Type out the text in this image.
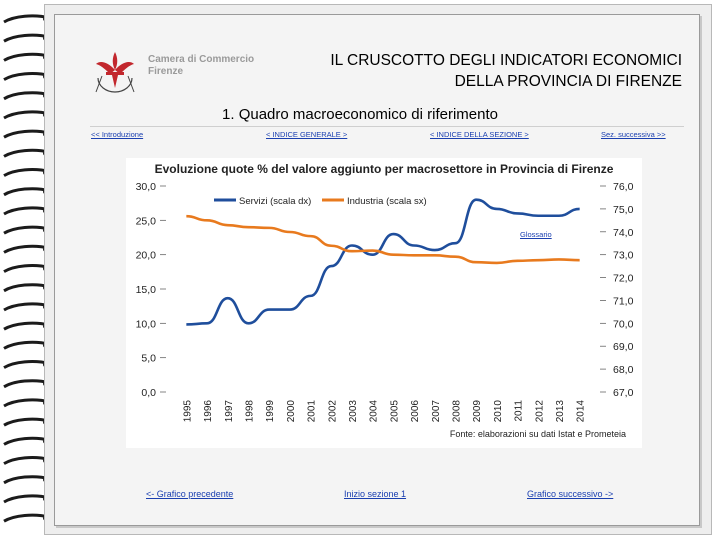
Camera di Commercio
Firenze
IL CRUSCOTTO DEGLI INDICATORI ECONOMICI
DELLA PROVINCIA DI FIRENZE
1. Quadro macroeconomico di riferimento
<< Introduzione	< INDICE GENERALE >	< INDICE DELLA SEZIONE >	Sez. successiva >>
Evoluzione quote % del valore aggiunto per macrosettore in Provincia di Firenze
0,0
5,0
10,0
15,0
20,0
25,0
30,0
67,0
68,0
69,0
70,0
71,0
72,0
73,0
74,0
75,0
76,0
1995 1996 1997 1998 1999 2000 2001 2002 2003 2004 2005 2006 2007 2008 2009 2010 2011 2012 2013 2014
Servizi (scala dx)	Industria (scala sx)
Fonte: elaborazioni su dati Istat e Prometeia
Glossario
<- Grafico precedente	Inizio sezione 1	Grafico successivo ->
